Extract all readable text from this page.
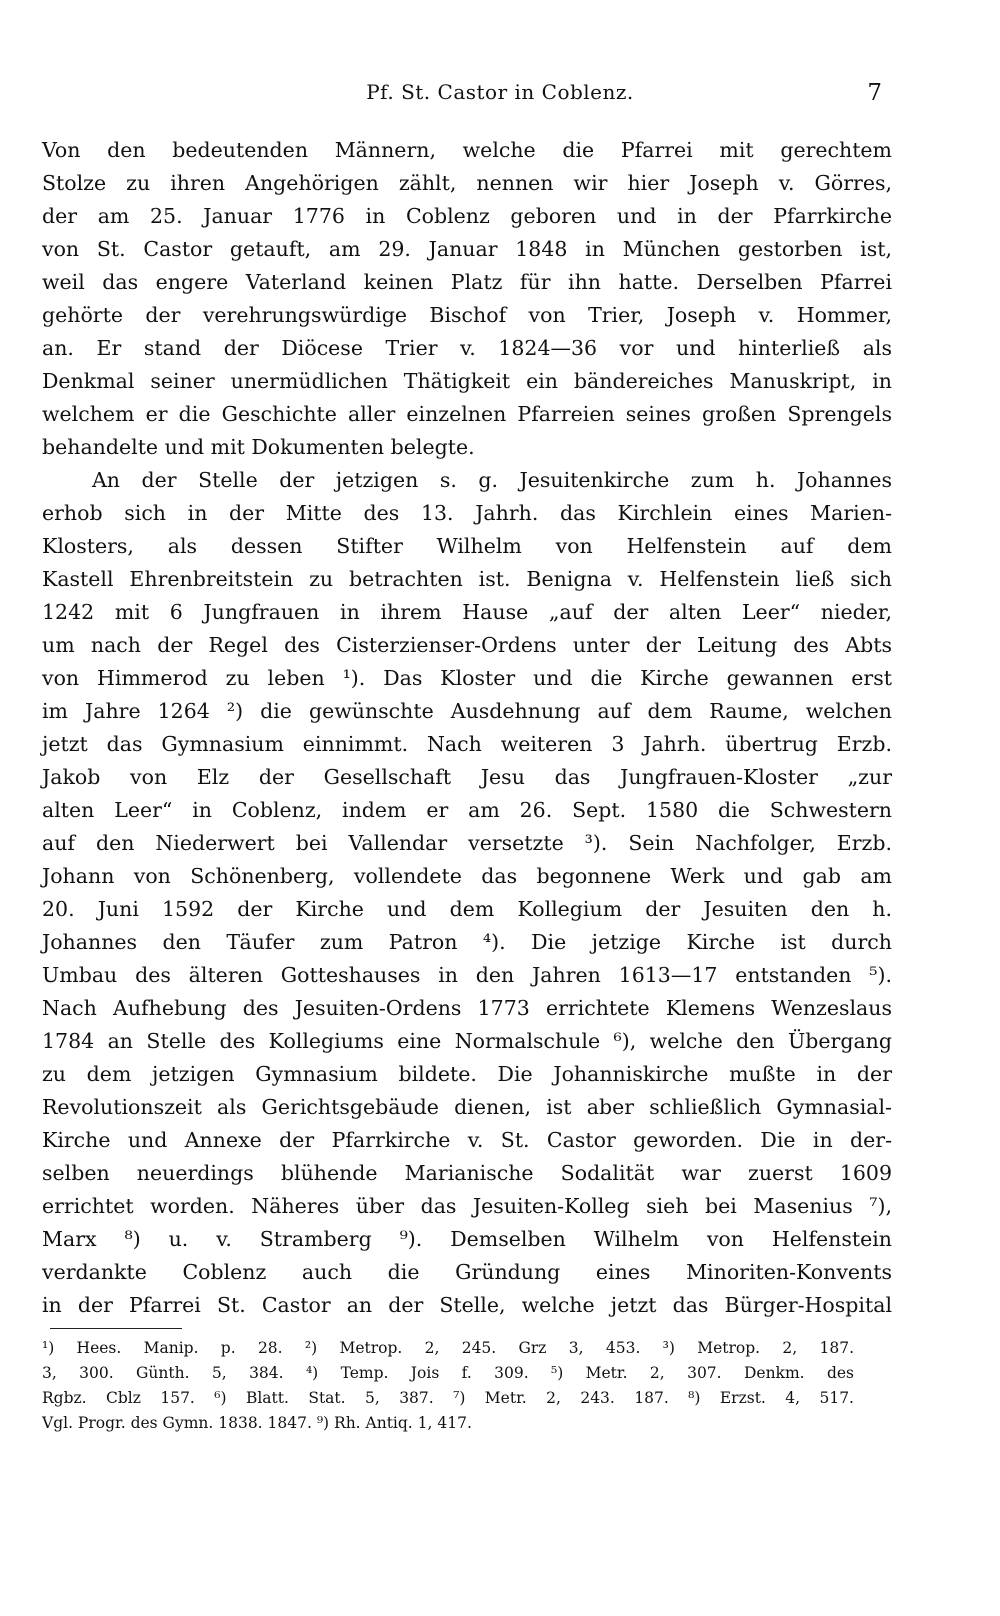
Pf. St. Castor in Coblenz.	7
Von den bedeutenden Männern, welche die Pfarrei mit gerechtem
Stolze zu ihren Angehörigen zählt, nennen wir hier Joseph v. Görres,
der am 25. Januar 1776 in Coblenz geboren und in der Pfarrkirche
von St. Castor getauft, am 29. Januar 1848 in München gestorben ist,
weil das engere Vaterland keinen Platz für ihn hatte. Derselben Pfarrei
gehörte der verehrungswürdige Bischof von Trier, Joseph v. Hommer,
an. Er stand der Diöcese Trier v. 1824—36 vor und hinterließ als
Denkmal seiner unermüdlichen Thätigkeit ein bändereiches Manuskript, in
welchem er die Geschichte aller einzelnen Pfarreien seines großen Sprengels
behandelte und mit Dokumenten belegte.
An der Stelle der jetzigen s. g. Jesuitenkirche zum h. Johannes
erhob sich in der Mitte des 13. Jahrh. das Kirchlein eines Marien-
Klosters, als dessen Stifter Wilhelm von Helfenstein auf dem
Kastell Ehrenbreitstein zu betrachten ist. Benigna v. Helfenstein ließ sich
1242 mit 6 Jungfrauen in ihrem Hause „auf der alten Leer“ nieder,
um nach der Regel des Cisterzienser-Ordens unter der Leitung des Abts
von Himmerod zu leben ¹). Das Kloster und die Kirche gewannen erst
im Jahre 1264 ²) die gewünschte Ausdehnung auf dem Raume, welchen
jetzt das Gymnasium einnimmt. Nach weiteren 3 Jahrh. übertrug Erzb.
Jakob von Elz der Gesellschaft Jesu das Jungfrauen-Kloster „zur
alten Leer“ in Coblenz, indem er am 26. Sept. 1580 die Schwestern
auf den Niederwert bei Vallendar versetzte ³). Sein Nachfolger, Erzb.
Johann von Schönenberg, vollendete das begonnene Werk und gab am
20. Juni 1592 der Kirche und dem Kollegium der Jesuiten den h.
Johannes den Täufer zum Patron ⁴). Die jetzige Kirche ist durch
Umbau des älteren Gotteshauses in den Jahren 1613—17 entstanden ⁵).
Nach Aufhebung des Jesuiten-Ordens 1773 errichtete Klemens Wenzeslaus
1784 an Stelle des Kollegiums eine Normalschule ⁶), welche den Übergang
zu dem jetzigen Gymnasium bildete. Die Johanniskirche mußte in der
Revolutionszeit als Gerichtsgebäude dienen, ist aber schließlich Gymnasial-
Kirche und Annexe der Pfarrkirche v. St. Castor geworden. Die in der-
selben neuerdings blühende Marianische Sodalität war zuerst 1609
errichtet worden. Näheres über das Jesuiten-Kolleg sieh bei Masenius ⁷),
Marx ⁸) u. v. Stramberg ⁹). Demselben Wilhelm von Helfenstein
verdankte Coblenz auch die Gründung eines Minoriten-Konvents
in der Pfarrei St. Castor an der Stelle, welche jetzt das Bürger-Hospital
¹) Hees. Manip. p. 28. ²) Metrop. 2, 245. Grz 3, 453. ³) Metrop. 2, 187.
3, 300. Günth. 5, 384. ⁴) Temp. Jois f. 309. ⁵) Metr. 2, 307. Denkm. des
Rgbz. Cblz 157. ⁶) Blatt. Stat. 5, 387. ⁷) Metr. 2, 243. 187. ⁸) Erzst. 4, 517.
Vgl. Progr. des Gymn. 1838. 1847. ⁹) Rh. Antiq. 1, 417.
